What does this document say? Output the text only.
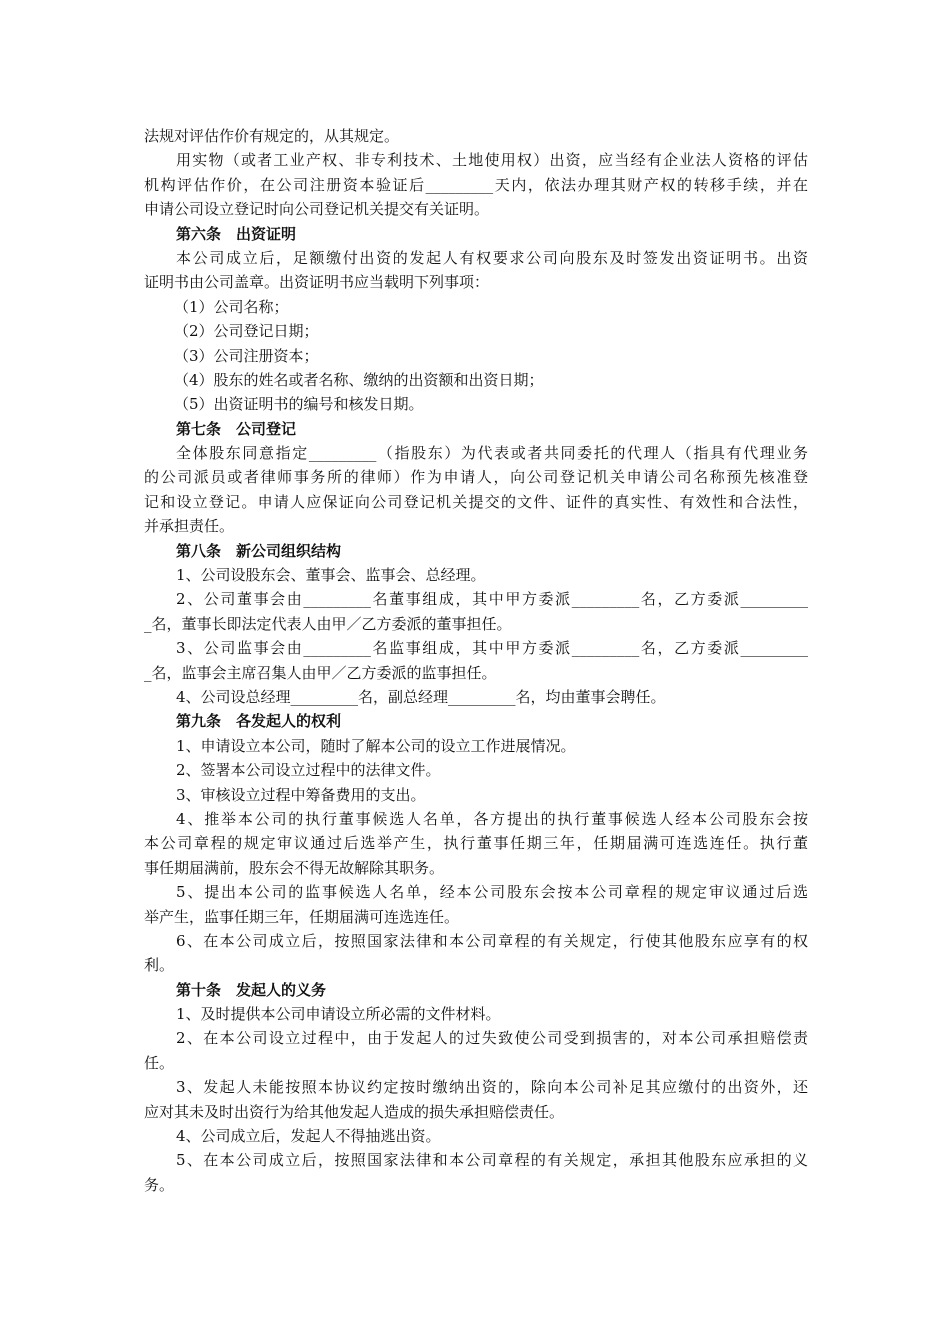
法规对评估作价有规定的，从其规定。
用实物（或者工业产权、非专利技术、土地使用权）出资，应当经有企业法人资格的评估
机构评估作价，在公司注册资本验证后_________天内，依法办理其财产权的转移手续，并在
申请公司设立登记时向公司登记机关提交有关证明。
第六条　出资证明
本公司成立后，足额缴付出资的发起人有权要求公司向股东及时签发出资证明书。出资
证明书由公司盖章。出资证明书应当载明下列事项：
（1）公司名称；
（2）公司登记日期；
（3）公司注册资本；
（4）股东的姓名或者名称、缴纳的出资额和出资日期；
（5）出资证明书的编号和核发日期。
第七条　公司登记
全体股东同意指定_________（指股东）为代表或者共同委托的代理人（指具有代理业务
的公司派员或者律师事务所的律师）作为申请人，向公司登记机关申请公司名称预先核准登
记和设立登记。申请人应保证向公司登记机关提交的文件、证件的真实性、有效性和合法性，
并承担责任。
第八条　新公司组织结构
1、公司设股东会、董事会、监事会、总经理。
2、公司董事会由_________名董事组成，其中甲方委派_________名，乙方委派_________
_名，董事长即法定代表人由甲／乙方委派的董事担任。
3、公司监事会由_________名监事组成，其中甲方委派_________名，乙方委派_________
_名，监事会主席召集人由甲／乙方委派的监事担任。
4、公司设总经理_________名，副总经理_________名，均由董事会聘任。
第九条　各发起人的权利
1、申请设立本公司，随时了解本公司的设立工作进展情况。
2、签署本公司设立过程中的法律文件。
3、审核设立过程中筹备费用的支出。
4、推举本公司的执行董事候选人名单，各方提出的执行董事候选人经本公司股东会按
本公司章程的规定审议通过后选举产生，执行董事任期三年，任期届满可连选连任。执行董
事任期届满前，股东会不得无故解除其职务。
5、提出本公司的监事候选人名单，经本公司股东会按本公司章程的规定审议通过后选
举产生，监事任期三年，任期届满可连选连任。
6、在本公司成立后，按照国家法律和本公司章程的有关规定，行使其他股东应享有的权
利。
第十条　发起人的义务
1、及时提供本公司申请设立所必需的文件材料。
2、在本公司设立过程中，由于发起人的过失致使公司受到损害的，对本公司承担赔偿责
任。
3、发起人未能按照本协议约定按时缴纳出资的，除向本公司补足其应缴付的出资外，还
应对其未及时出资行为给其他发起人造成的损失承担赔偿责任。
4、公司成立后，发起人不得抽逃出资。
5、在本公司成立后，按照国家法律和本公司章程的有关规定，承担其他股东应承担的义
务。
